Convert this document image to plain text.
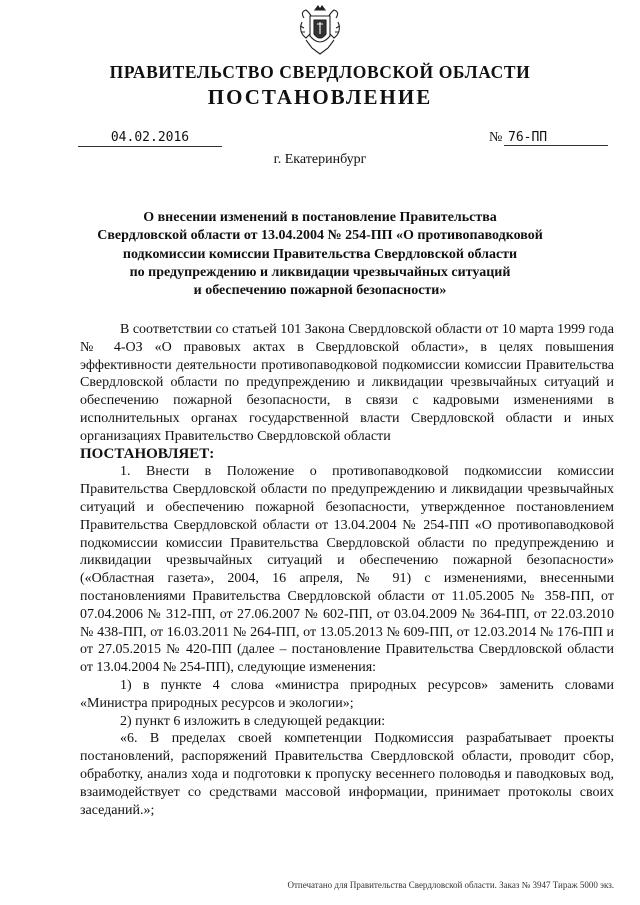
ПРАВИТЕЛЬСТВО СВЕРДЛОВСКОЙ ОБЛАСТИ
ПОСТАНОВЛЕНИЕ
04.02.2016	№ 76-ПП
г. Екатеринбург
О внесении изменений в постановление Правительства
Свердловской области от 13.04.2004 № 254-ПП «О противопаводковой
подкомиссии комиссии Правительства Свердловской области
по предупреждению и ликвидации чрезвычайных ситуаций
и обеспечению пожарной безопасности»

В соответствии со статьей 101 Закона Свердловской области от 10 марта 1999 года № 4-ОЗ «О правовых актах в Свердловской области», в целях повышения эффективности деятельности противопаводковой подкомиссии комиссии Правительства Свердловской области по предупреждению и ликвидации чрезвычайных ситуаций и обеспечению пожарной безопасности, в связи с кадровыми изменениями в исполнительных органах государственной власти Свердловской области и иных организациях Правительство Свердловской области

ПОСТАНОВЛЯЕТ:

1. Внести в Положение о противопаводковой подкомиссии комиссии Правительства Свердловской области по предупреждению и ликвидации чрезвычайных ситуаций и обеспечению пожарной безопасности, утвержденное постановлением Правительства Свердловской области от 13.04.2004 № 254-ПП «О противопаводковой подкомиссии комиссии Правительства Свердловской области по предупреждению и ликвидации чрезвычайных ситуаций и обеспечению пожарной безопасности» («Областная газета», 2004, 16 апреля, № 91) с изменениями, внесенными постановлениями Правительства Свердловской области от 11.05.2005 № 358-ПП, от 07.04.2006 № 312-ПП, от 27.06.2007 № 602-ПП, от 03.04.2009 № 364-ПП, от 22.03.2010 № 438-ПП, от 16.03.2011 № 264-ПП, от 13.05.2013 № 609-ПП, от 12.03.2014 № 176-ПП и от 27.05.2015 № 420-ПП (далее – постановление Правительства Свердловской области от 13.04.2004 № 254-ПП), следующие изменения:

1) в пункте 4 слова «министра природных ресурсов» заменить словами «Министра природных ресурсов и экологии»;

2) пункт 6 изложить в следующей редакции:

«6. В пределах своей компетенции Подкомиссия разрабатывает проекты постановлений, распоряжений Правительства Свердловской области, проводит сбор, обработку, анализ хода и подготовки к пропуску весеннего половодья и паводковых вод, взаимодействует со средствами массовой информации, принимает протоколы своих заседаний.»;

Отпечатано для Правительства Свердловской области. Заказ № 3947 Тираж 5000 экз.
